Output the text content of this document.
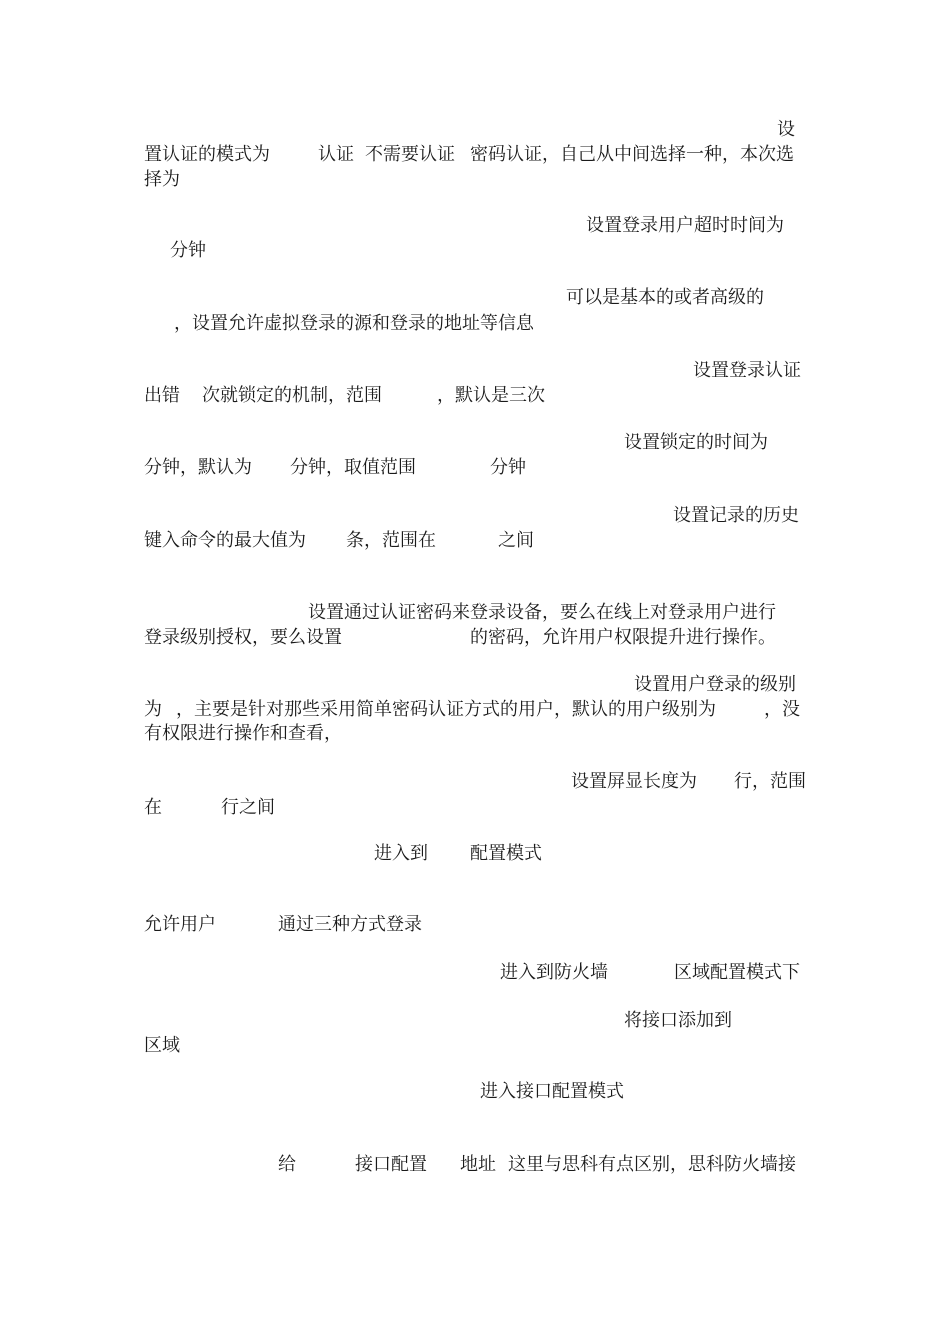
设
置认证的模式为	认证 不需要认证 密码认证，自己从中间选择一种，本次选
择为
设置登录用户超时时间为
分钟
可以是基本的或者高级的
，设置允许虚拟登录的源和登录的地址等信息
设置登录认证
出错 次就锁定的机制，范围	，默认是三次
设置锁定的时间为
分钟，默认为 分钟，取值范围	分钟
设置记录的历史
键入命令的最大值为 条，范围在	之间
设置通过认证密码来登录设备，要么在线上对登录用户进行
登录级别授权，要么设置	的密码，允许用户权限提升进行操作。
设置用户登录的级别
为 ，主要是针对那些采用简单密码认证方式的用户，默认的用户级别为	，没
有权限进行操作和查看，
设置屏显长度为 行，范围
在	行之间
进入到 配置模式
允许用户	通过三种方式登录
进入到防火墙	区域配置模式下
将接口添加到
区域
进入接口配置模式
给	接口配置 地址 这里与思科有点区别，思科防火墙接
